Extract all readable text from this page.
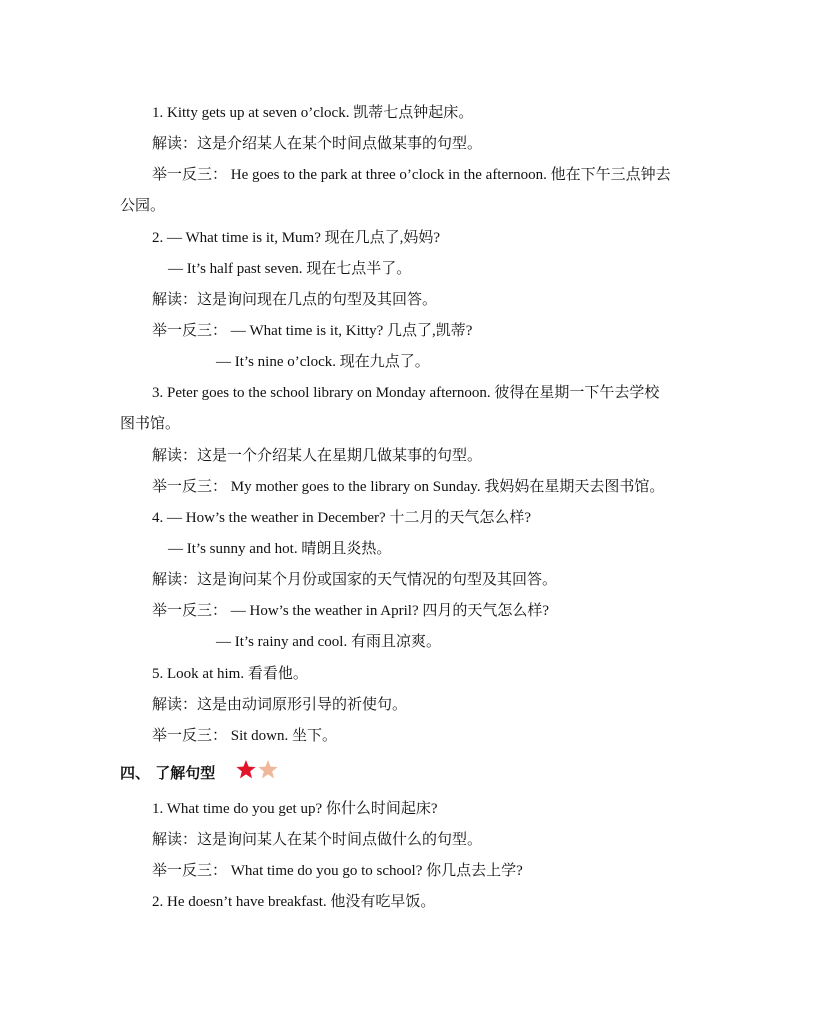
1. Kitty gets up at seven o’clock. 凯蒂七点钟起床。
解读：这是介绍某人在某个时间点做某事的句型。
举一反三： He goes to the park at three o’clock in the afternoon. 他在下午三点钟去
公园。
2. — What time is it, Mum? 现在几点了,妈妈?
— It’s half past seven. 现在七点半了。
解读：这是询问现在几点的句型及其回答。
举一反三： — What time is it, Kitty? 几点了,凯蒂?
— It’s nine o’clock. 现在九点了。
3. Peter goes to the school library on Monday afternoon. 彼得在星期一下午去学校
图书馆。
解读：这是一个介绍某人在星期几做某事的句型。
举一反三： My mother goes to the library on Sunday. 我妈妈在星期天去图书馆。
4. — How’s the weather in December? 十二月的天气怎么样?
— It’s sunny and hot. 晴朗且炎热。
解读：这是询问某个月份或国家的天气情况的句型及其回答。
举一反三： — How’s the weather in April? 四月的天气怎么样?
— It’s rainy and cool. 有雨且凉爽。
5. Look at him. 看看他。
解读：这是由动词原形引导的祈使句。
举一反三： Sit down. 坐下。
四、 了解句型
1. What time do you get up? 你什么时间起床?
解读：这是询问某人在某个时间点做什么的句型。
举一反三： What time do you go to school? 你几点去上学?
2. He doesn’t have breakfast. 他没有吃早饭。
